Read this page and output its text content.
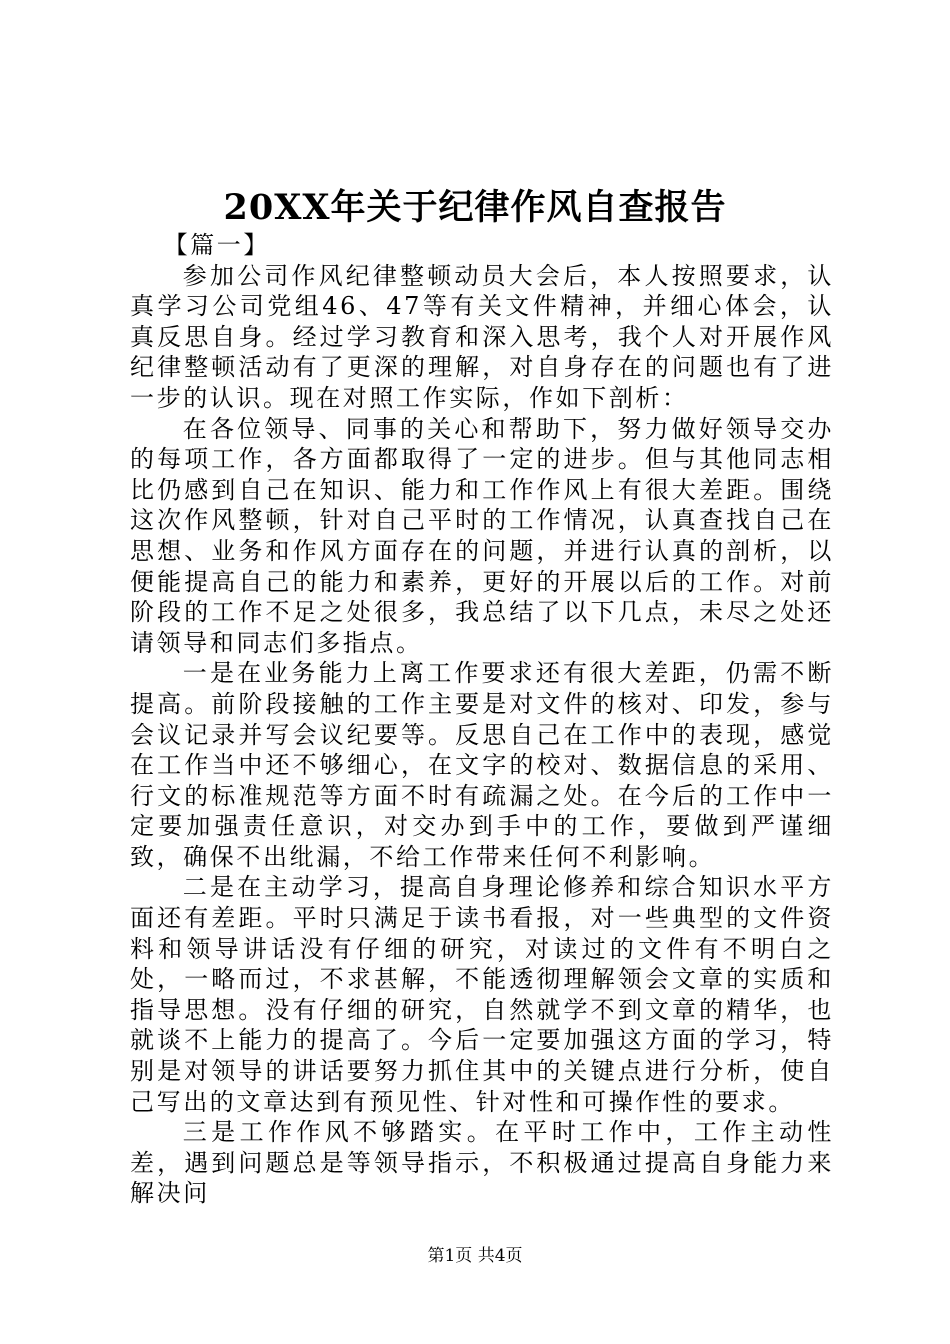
20XX年关于纪律作风自查报告

【篇一】

参加公司作风纪律整顿动员大会后，本人按照要求，认真学习公司党组46、47等有关文件精神，并细心体会，认真反思自身。经过学习教育和深入思考，我个人对开展作风纪律整顿活动有了更深的理解，对自身存在的问题也有了进一步的认识。现在对照工作实际，作如下剖析：

在各位领导、同事的关心和帮助下，努力做好领导交办的每项工作，各方面都取得了一定的进步。但与其他同志相比仍感到自己在知识、能力和工作作风上有很大差距。围绕这次作风整顿，针对自己平时的工作情况，认真查找自己在思想、业务和作风方面存在的问题，并进行认真的剖析，以便能提高自己的能力和素养，更好的开展以后的工作。对前阶段的工作不足之处很多，我总结了以下几点，未尽之处还请领导和同志们多指点。

一是在业务能力上离工作要求还有很大差距，仍需不断提高。前阶段接触的工作主要是对文件的核对、印发，参与会议记录并写会议纪要等。反思自己在工作中的表现，感觉在工作当中还不够细心，在文字的校对、数据信息的采用、行文的标准规范等方面不时有疏漏之处。在今后的工作中一定要加强责任意识，对交办到手中的工作，要做到严谨细致，确保不出纰漏，不给工作带来任何不利影响。

二是在主动学习，提高自身理论修养和综合知识水平方面还有差距。平时只满足于读书看报，对一些典型的文件资料和领导讲话没有仔细的研究，对读过的文件有不明白之处，一略而过，不求甚解，不能透彻理解领会文章的实质和指导思想。没有仔细的研究，自然就学不到文章的精华，也就谈不上能力的提高了。今后一定要加强这方面的学习，特别是对领导的讲话要努力抓住其中的关键点进行分析，使自己写出的文章达到有预见性、针对性和可操作性的要求。

三是工作作风不够踏实。在平时工作中，工作主动性差，遇到问题总是等领导指示，不积极通过提高自身能力来解决问

第1页 共4页
